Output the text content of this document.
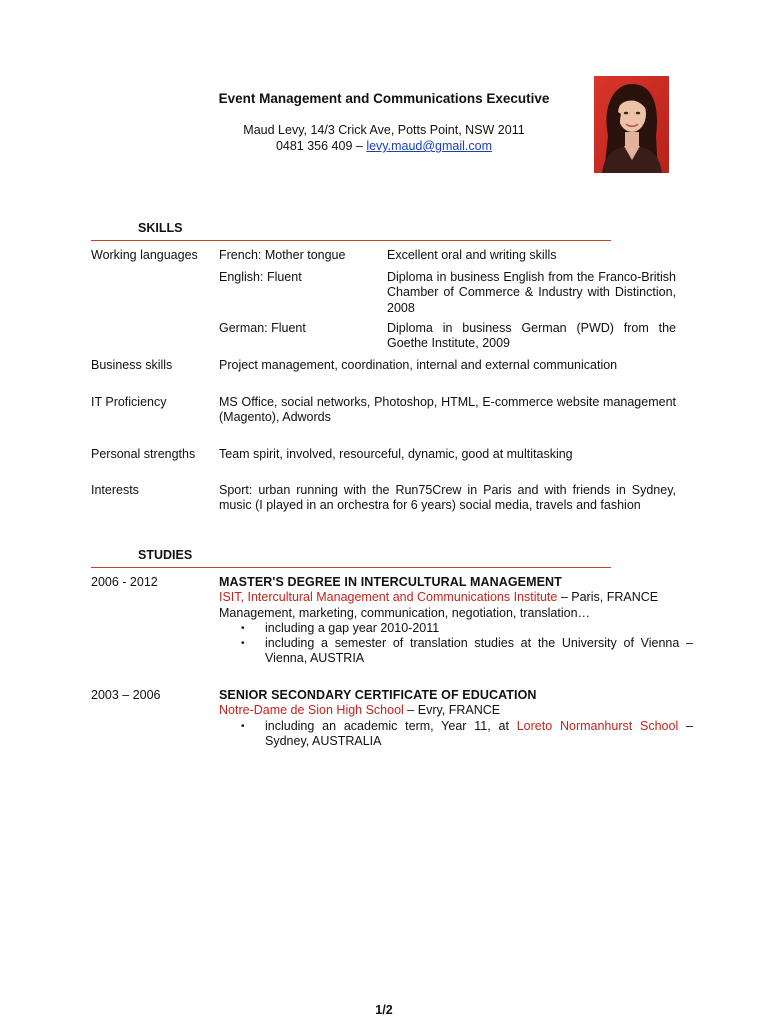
Event Management and Communications Executive
Maud Levy, 14/3 Crick Ave, Potts Point, NSW 2011
0481 356 409 – levy.maud@gmail.com
SKILLS
Working languages	French: Mother tongue	Excellent oral and writing skills
English: Fluent	Diploma in business English from the Franco-British Chamber of Commerce & Industry with Distinction, 2008
German: Fluent	Diploma in business German (PWD) from the Goethe Institute, 2009
Business skills	Project management, coordination, internal and external communication
IT Proficiency	MS Office, social networks, Photoshop, HTML, E-commerce website management (Magento), Adwords
Personal strengths	Team spirit, involved, resourceful, dynamic, good at multitasking
Interests	Sport: urban running with the Run75Crew in Paris and with friends in Sydney, music (I played in an orchestra for 6 years) social media, travels and fashion
STUDIES
2006 - 2012	MASTER'S DEGREE IN INTERCULTURAL MANAGEMENT
ISIT, Intercultural Management and Communications Institute – Paris, FRANCE
Management, marketing, communication, negotiation, translation…
• including a gap year 2010-2011
• including a semester of translation studies at the University of Vienna – Vienna, AUSTRIA
2003 – 2006	SENIOR SECONDARY CERTIFICATE OF EDUCATION
Notre-Dame de Sion High School – Evry, FRANCE
• including an academic term, Year 11, at Loreto Normanhurst School – Sydney, AUSTRALIA
1/2
